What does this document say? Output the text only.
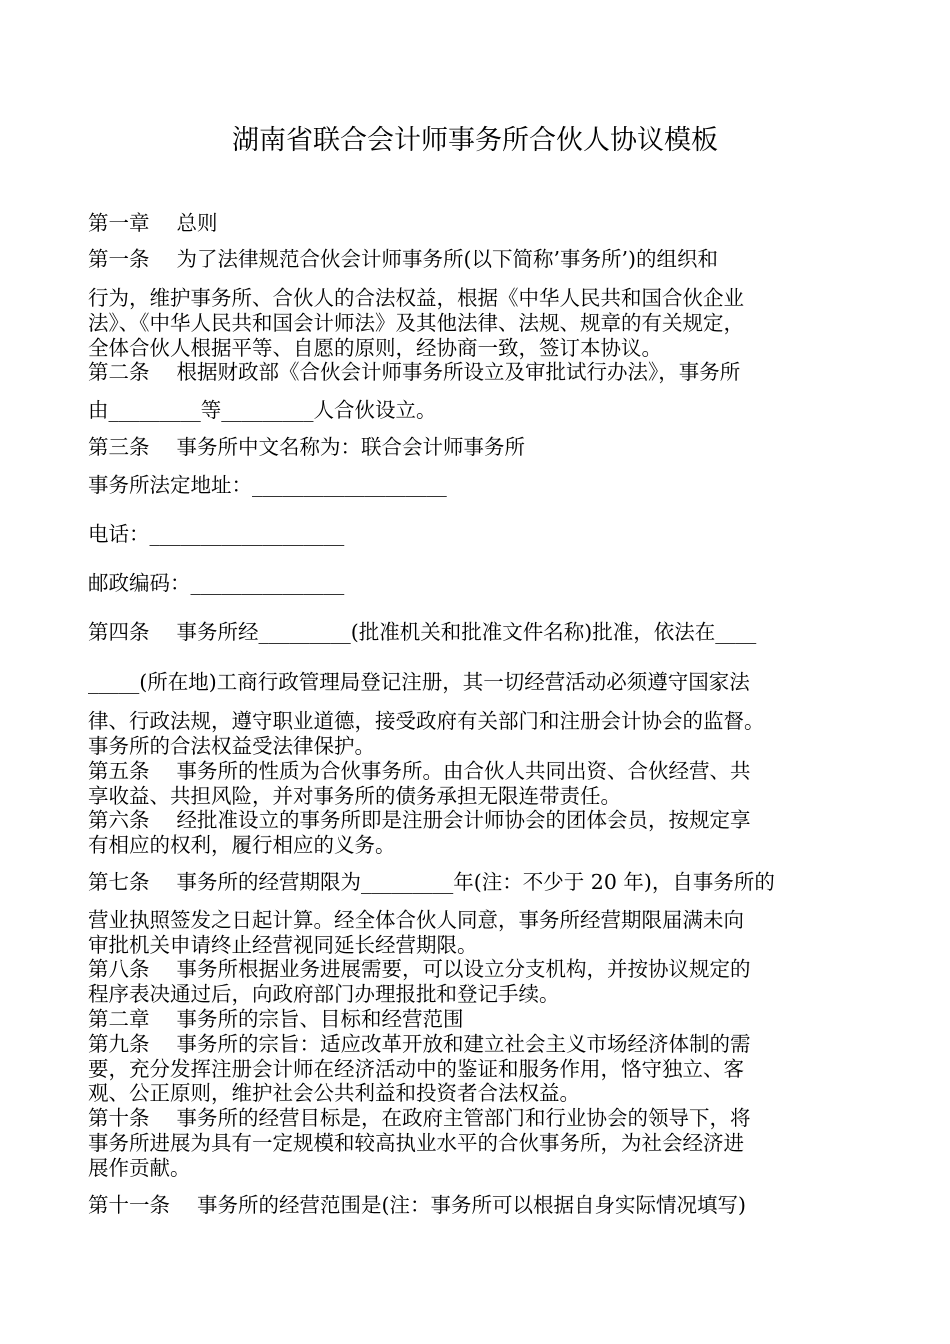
湖南省联合会计师事务所合伙人协议模板
第一章　 总则
第一条　 为了法律规范合伙会计师事务所(以下简称’事务所’)的组织和
行为，维护事务所、合伙人的合法权益，根据《中华人民共和国合伙企业
法》、《中华人民共和国会计师法》及其他法律、法规、规章的有关规定，
全体合伙人根据平等、自愿的原则，经协商一致，签订本协议。
第二条　 根据财政部《合伙会计师事务所设立及审批试行办法》，事务所
由_________等_________人合伙设立。
第三条　 事务所中文名称为：联合会计师事务所
事务所法定地址：___________________
电话：___________________
邮政编码：_______________
第四条　 事务所经_________(批准机关和批准文件名称)批准，依法在____
_____(所在地)工商行政管理局登记注册，其一切经营活动必须遵守国家法
律、行政法规，遵守职业道德，接受政府有关部门和注册会计协会的监督。
事务所的合法权益受法律保护。
第五条　 事务所的性质为合伙事务所。由合伙人共同出资、合伙经营、共
享收益、共担风险，并对事务所的债务承担无限连带责任。
第六条　 经批准设立的事务所即是注册会计师协会的团体会员，按规定享
有相应的权利，履行相应的义务。
第七条　 事务所的经营期限为_________年(注：不少于 20 年)，自事务所的
营业执照签发之日起计算。经全体合伙人同意，事务所经营期限届满未向
审批机关申请终止经营视同延长经营期限。
第八条　 事务所根据业务进展需要，可以设立分支机构，并按协议规定的
程序表决通过后，向政府部门办理报批和登记手续。
第二章　 事务所的宗旨、目标和经营范围
第九条　 事务所的宗旨：适应改革开放和建立社会主义市场经济体制的需
要，充分发挥注册会计师在经济活动中的鉴证和服务作用，恪守独立、客
观、公正原则，维护社会公共利益和投资者合法权益。
第十条　 事务所的经营目标是，在政府主管部门和行业协会的领导下，将
事务所进展为具有一定规模和较高执业水平的合伙事务所，为社会经济进
展作贡献。
第十一条　 事务所的经营范围是(注：事务所可以根据自身实际情况填写)
